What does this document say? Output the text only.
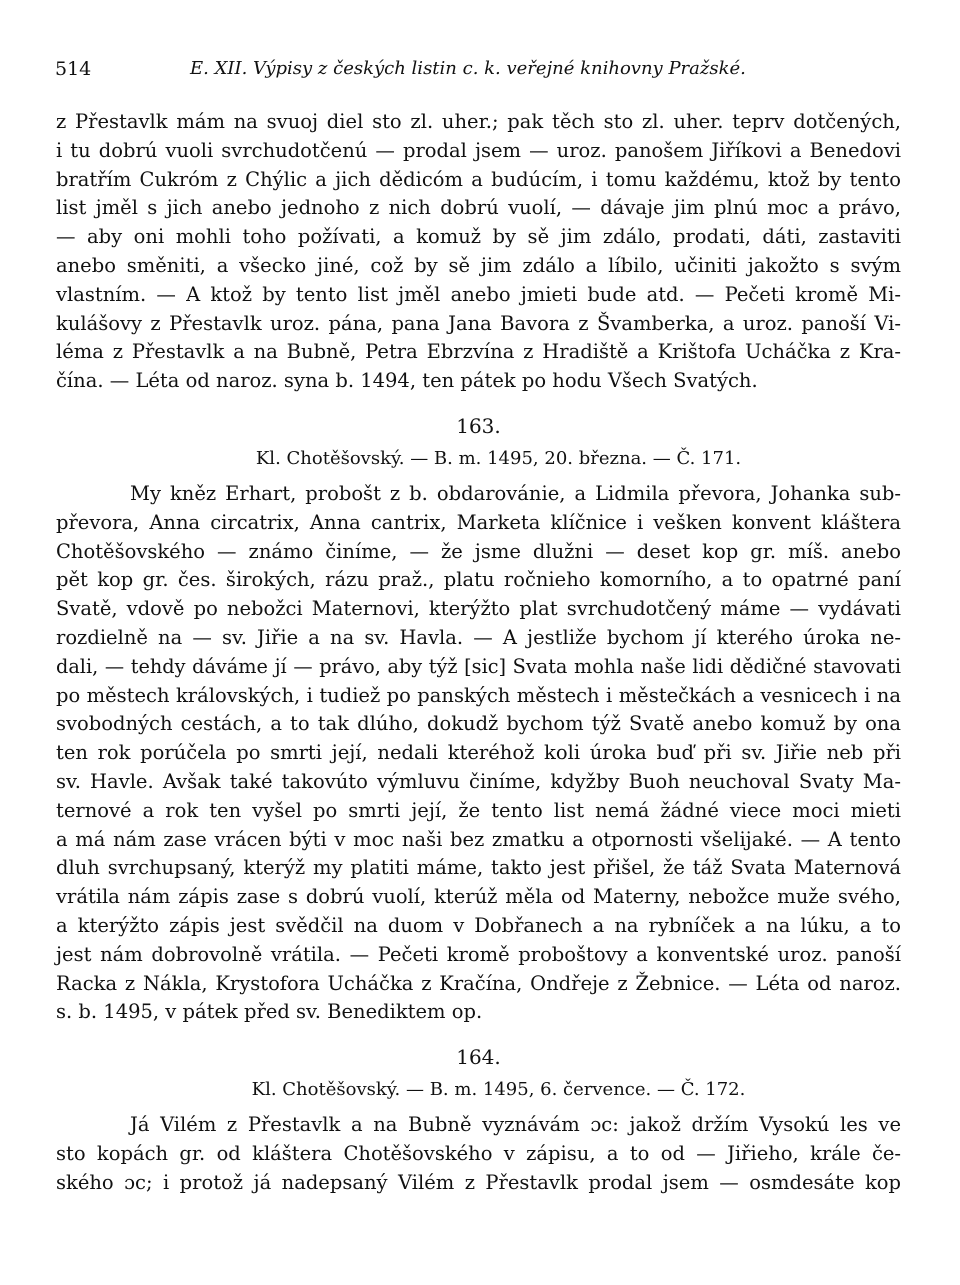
514	E. XII. Výpisy z českých listin c. k. veřejné knihovny Pražské.
z Přestavlk mám na svuoj diel sto zl. uher.; pak těch sto zl. uher. teprv dotčených,
i tu dobrú vuoli svrchudotčenú — prodal jsem — uroz. panošem Jiříkovi a Benedovi
bratřím Cukróm z Chýlic a jich dědicóm a budúcím, i tomu každému, ktož by tento
list jměl s jich anebo jednoho z nich dobrú vuolí, — dávaje jim plnú moc a právo,
— aby oni mohli toho požívati, a komuž by sě jim zdálo, prodati, dáti, zastaviti
anebo směniti, a všecko jiné, což by sě jim zdálo a líbilo, učiniti jakožto s svým
vlastním. — A ktož by tento list jměl anebo jmieti bude atd. — Pečeti kromě Mi-
kulášovy z Přestavlk uroz. pána, pana Jana Bavora z Švamberka, a uroz. panoší Vi-
léma z Přestavlk a na Bubně, Petra Ebrzvína z Hradiště a Krištofa Ucháčka z Kra-
čína. — Léta od naroz. syna b. 1494, ten pátek po hodu Všech Svatých.
163.
Kl. Chotěšovský. — B. m. 1495, 20. března. — Č. 171.
My kněz Erhart, probošt z b. obdarovánie, a Lidmila převora, Johanka sub-
převora, Anna circatrix, Anna cantrix, Marketa klíčnice i vešken konvent kláštera
Chotěšovského — známo činíme, — že jsme dlužni — deset kop gr. míš. anebo
pět kop gr. čes. širokých, rázu praž., platu ročnieho komorního, a to opatrné paní
Svatě, vdově po nebožci Maternovi, kterýžto plat svrchudotčený máme — vydávati
rozdielně na — sv. Jiřie a na sv. Havla. — A jestliže bychom jí kterého úroka ne-
dali, — tehdy dáváme jí — právo, aby týž [sic] Svata mohla naše lidi dědičné stavovati
po městech královských, i tudiež po panských městech i městečkách a vesnicech i na
svobodných cestách, a to tak dlúho, dokudž bychom týž Svatě anebo komuž by ona
ten rok porúčela po smrti její, nedali kteréhož koli úroka buď při sv. Jiřie neb při
sv. Havle. Avšak také takovúto výmluvu činíme, kdyžby Buoh neuchoval Svaty Ma-
ternové a rok ten vyšel po smrti její, že tento list nemá žádné viece moci mieti
a má nám zase vrácen býti v moc naši bez zmatku a otpornosti všelijaké. — A tento
dluh svrchupsaný, kterýž my platiti máme, takto jest přišel, že táž Svata Maternová
vrátila nám zápis zase s dobrú vuolí, kterúž měla od Materny, nebožce muže svého,
a kterýžto zápis jest svědčil na duom v Dobřanech a na rybníček a na lúku, a to
jest nám dobrovolně vrátila. — Pečeti kromě proboštovy a konventské uroz. panoší
Racka z Nákla, Krystofora Ucháčka z Kračína, Ondřeje z Žebnice. — Léta od naroz.
s. b. 1495, v pátek před sv. Benediktem op.
164.
Kl. Chotěšovský. — B. m. 1495, 6. července. — Č. 172.
Já Vilém z Přestavlk a na Bubně vyznávám ɔc: jakož držím Vysokú les ve
sto kopách gr. od kláštera Chotěšovského v zápisu, a to od — Jiřieho, krále če-
ského ɔc; i protož já nadepsaný Vilém z Přestavlk prodal jsem — osmdesáte kop
